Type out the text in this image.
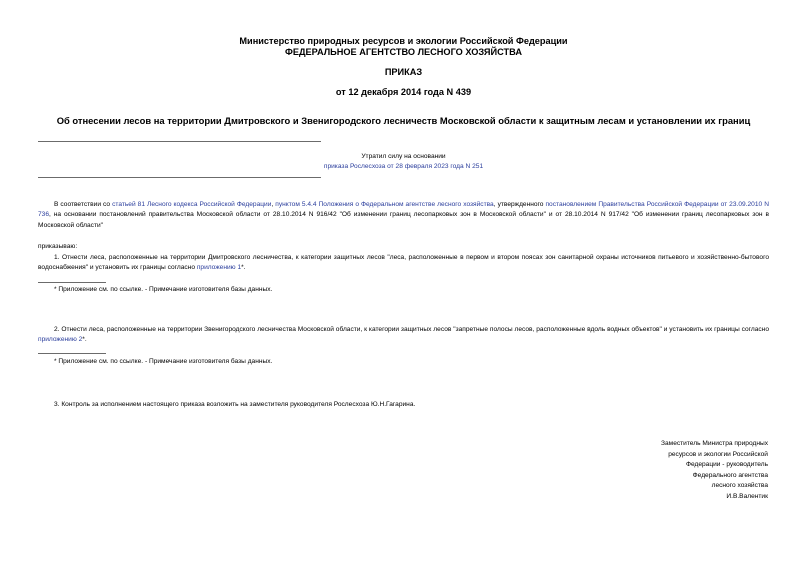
Министерство природных ресурсов и экологии Российской Федерации
ФЕДЕРАЛЬНОЕ АГЕНТСТВО ЛЕСНОГО ХОЗЯЙСТВА
ПРИКАЗ
от 12 декабря 2014 года N 439
Об отнесении лесов на территории Дмитровского и Звенигородского лесничеств Московской области к защитным лесам и установлении их границ
Утратил силу на основании
приказа Рослесхоза от 28 февраля 2023 года N 251
В соответствии со статьей 81 Лесного кодекса Российской Федерации, пунктом 5.4.4 Положения о Федеральном агентстве лесного хозяйства, утвержденного постановлением Правительства Российской Федерации от 23.09.2010 N 736, на основании постановлений правительства Московской области от 28.10.2014 N 916/42 "Об изменении границ лесопарковых зон в Московской области" и от 28.10.2014 N 917/42 "Об изменении границ лесопарковых зон в Московской области"
приказываю:
1. Отнести леса, расположенные на территории Дмитровского лесничества, к категории защитных лесов "леса, расположенные в первом и втором поясах зон санитарной охраны источников питьевого и хозяйственно-бытового водоснабжения" и установить их границы согласно приложению 1*.
* Приложение см. по ссылке. - Примечание изготовителя базы данных.
2. Отнести леса, расположенные на территории Звенигородского лесничества Московской области, к категории защитных лесов "запретные полосы лесов, расположенные вдоль водных объектов" и установить их границы согласно приложению 2*.
* Приложение см. по ссылке. - Примечание изготовителя базы данных.
3. Контроль за исполнением настоящего приказа возложить на заместителя руководителя Рослесхоза Ю.Н.Гагарина.
Заместитель Министра природных
ресурсов и экологии Российской
Федерации - руководитель
Федерального агентства
лесного хозяйства
И.В.Валентик
